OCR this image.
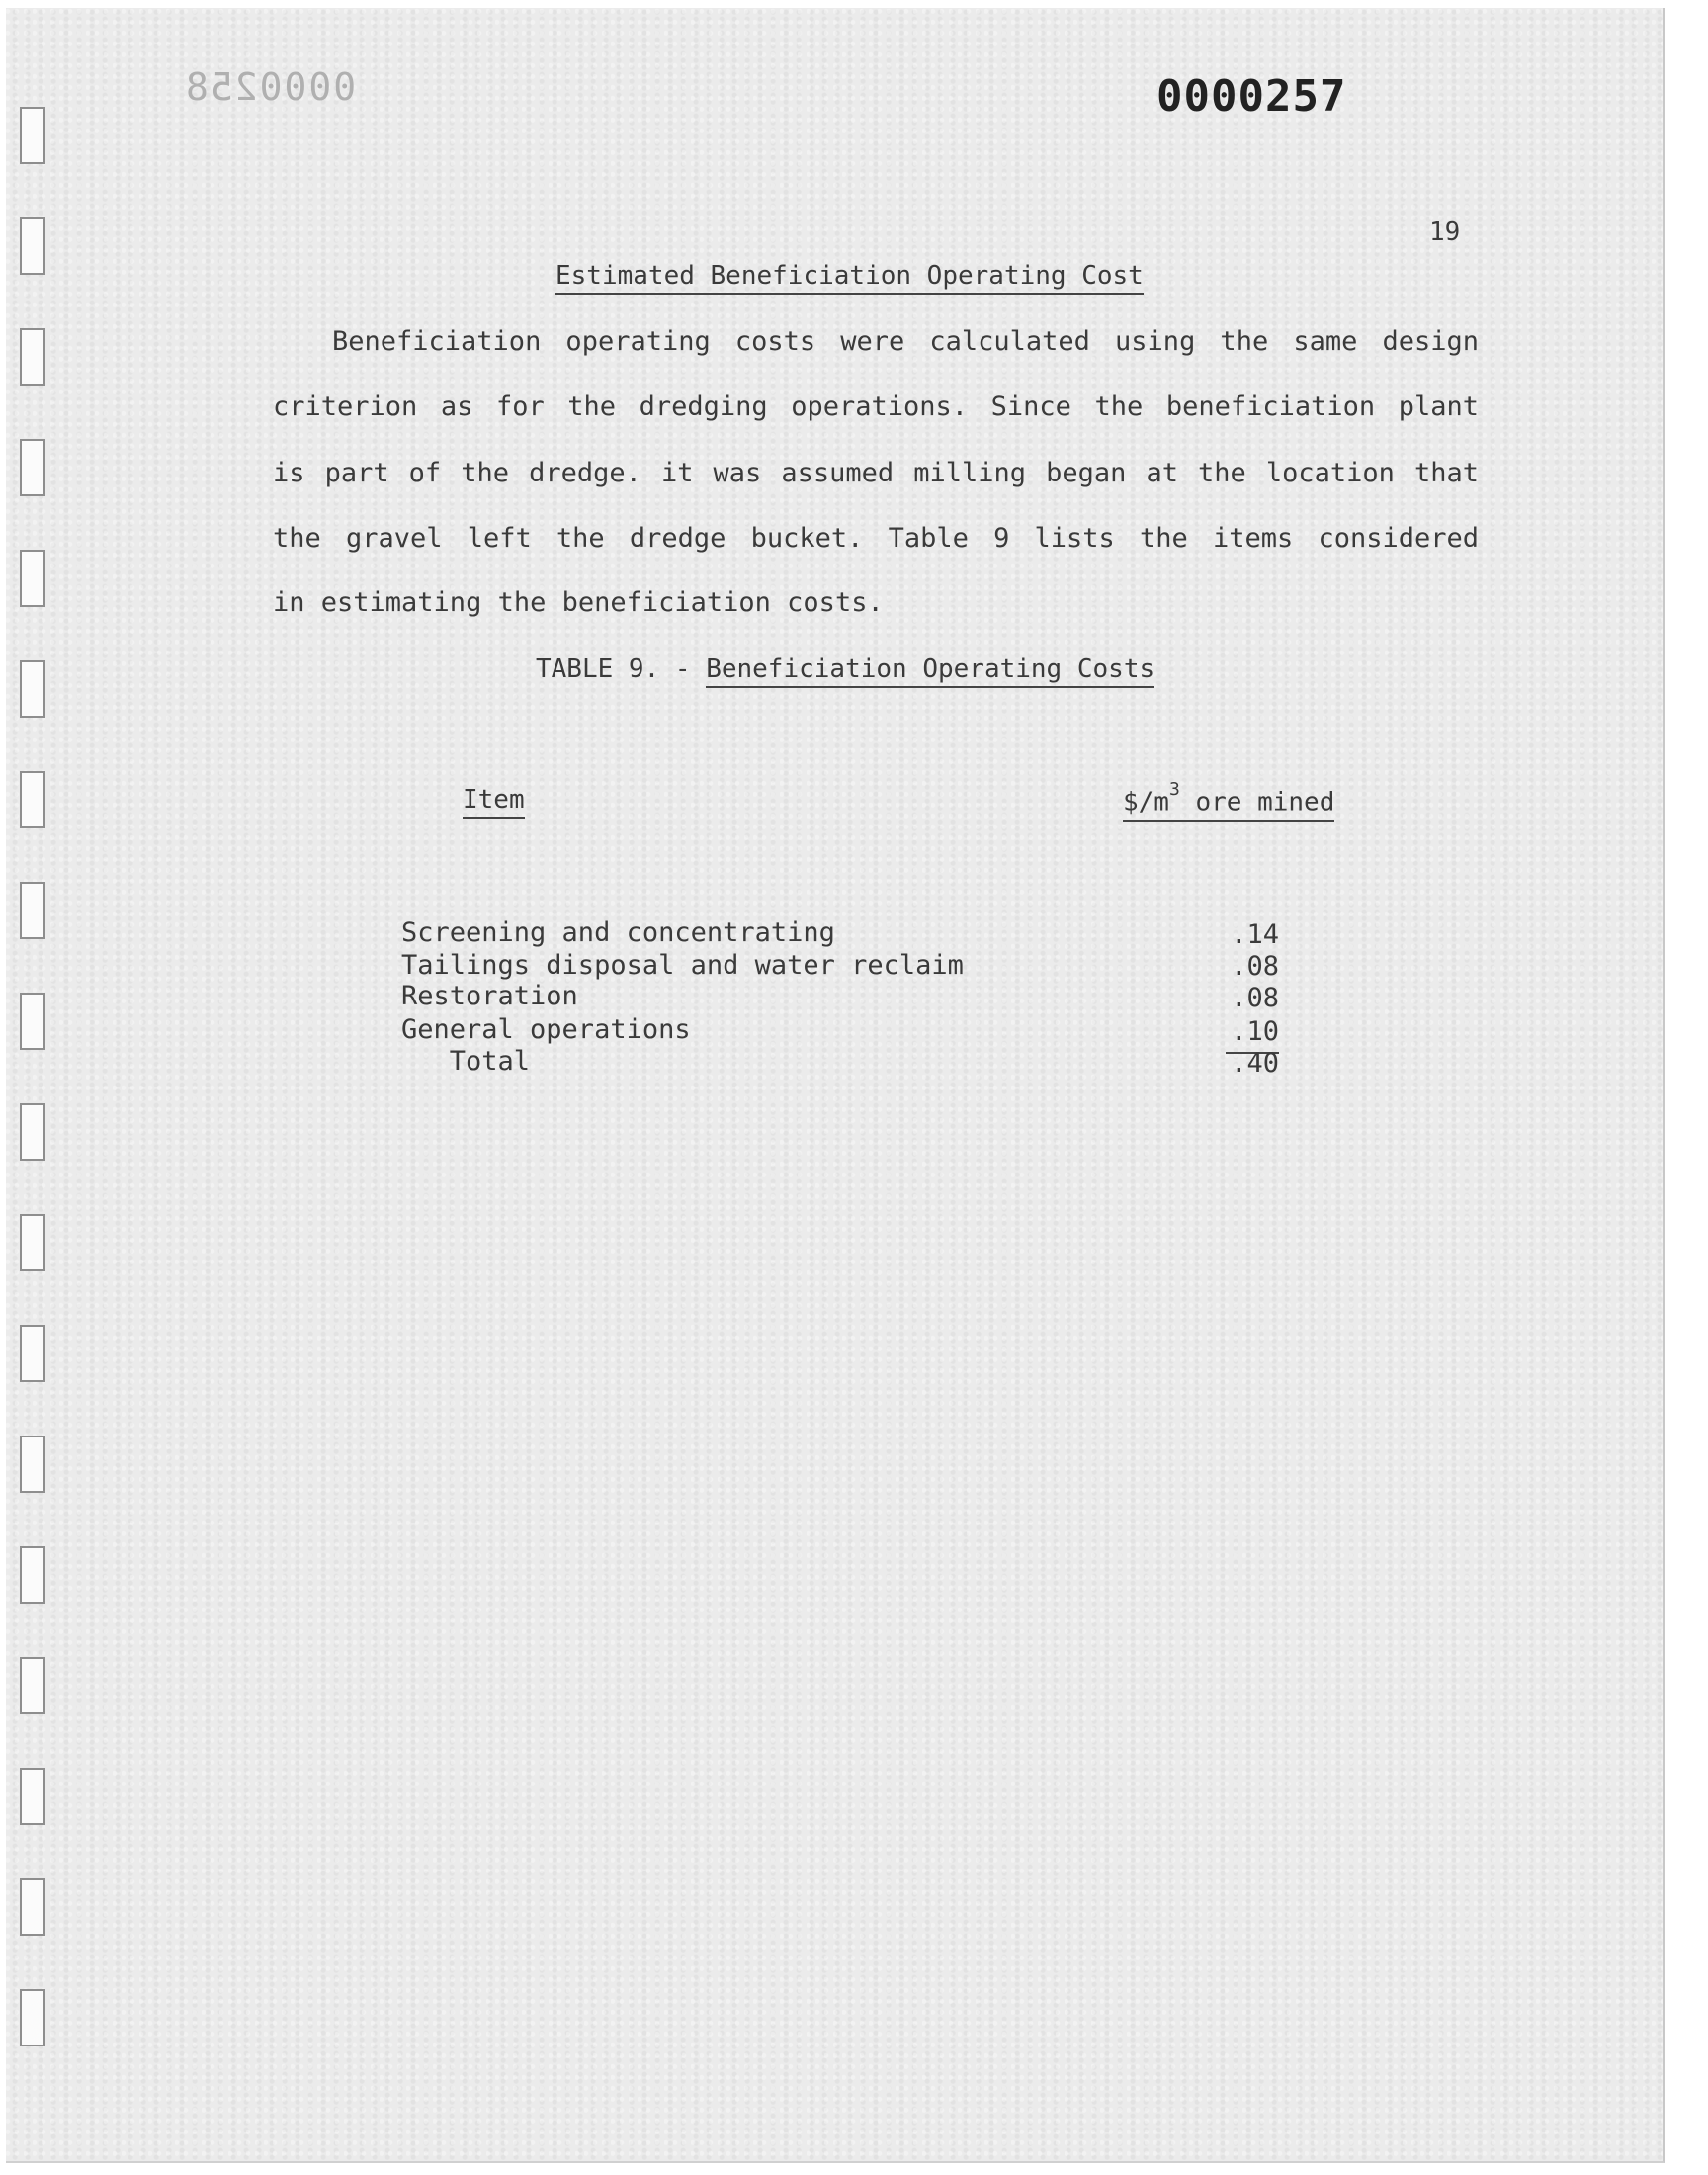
0000258	0000257
19
Estimated Beneficiation Operating Cost
Beneficiation operating costs were calculated using the same design
criterion as for the dredging operations. Since the beneficiation plant
is part of the dredge. it was assumed milling began at the location that
the gravel left the dredge bucket. Table 9 lists the items considered
in estimating the beneficiation costs.
TABLE 9. - Beneficiation Operating Costs
Item	$\$/m^3$ ore mined
Screening and concentrating	.14
Tailings disposal and water reclaim	.08
Restoration	.08
General operations	.10
Total	.40
